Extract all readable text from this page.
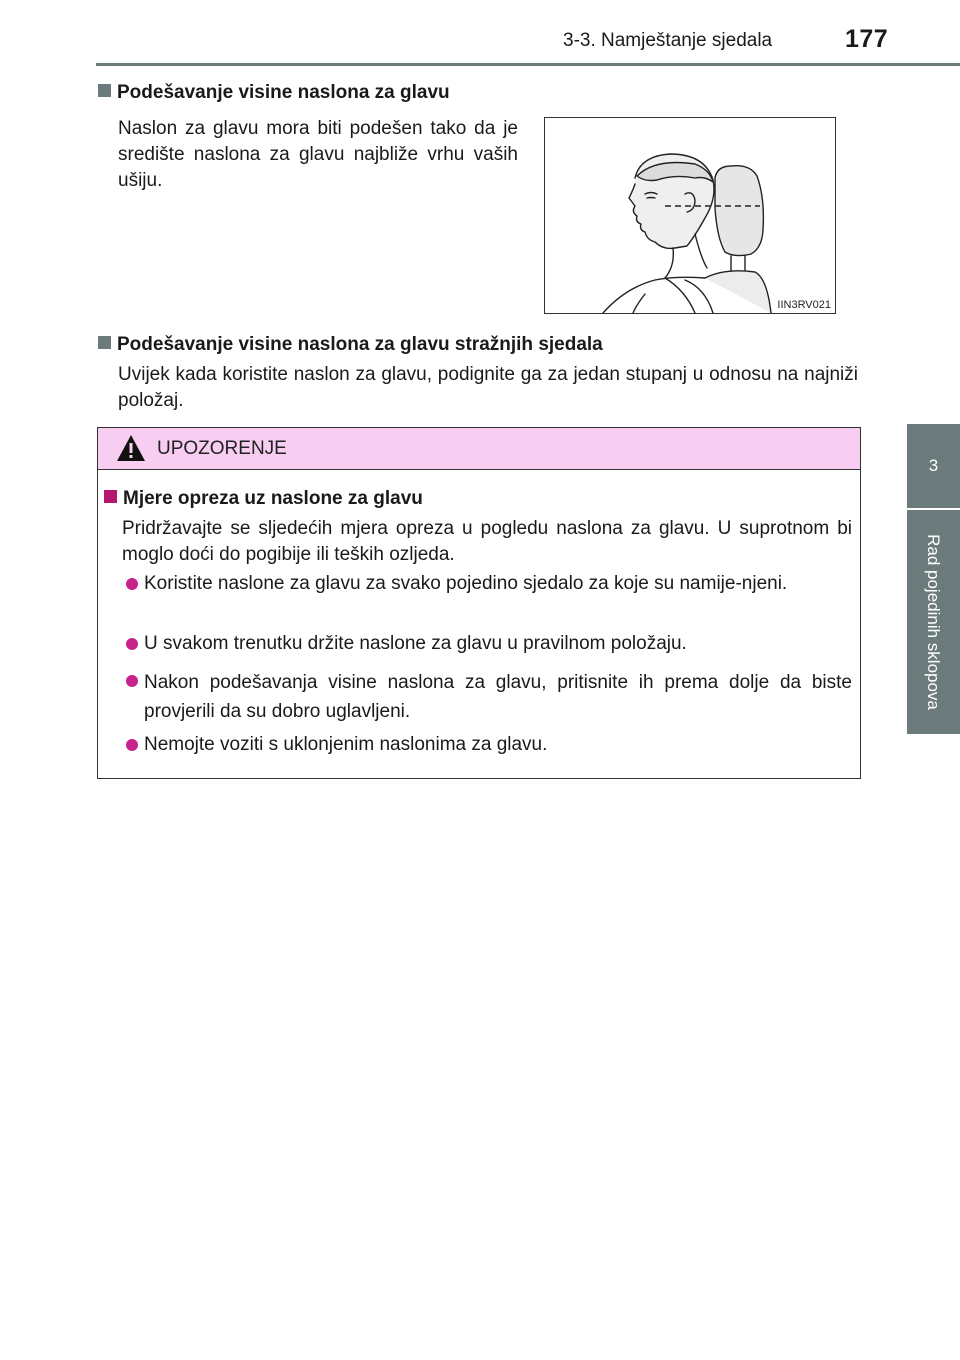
3-3. Namještanje sjedala	177
3
Rad pojedinih sklopova
Podešavanje visine naslona za glavu
Naslon za glavu mora biti podešen tako da je središte naslona za glavu najbliže vrhu vaših ušiju.
IIN3RV021
Podešavanje visine naslona za glavu stražnjih sjedala
Uvijek kada koristite naslon za glavu, podignite ga za jedan stupanj u odnosu na najniži položaj.
UPOZORENJE
Mjere opreza uz naslone za glavu
Pridržavajte se sljedećih mjera opreza u pogledu naslona za glavu. U suprotnom bi moglo doći do pogibije ili teških ozljeda.
Koristite naslone za glavu za svako pojedino sjedalo za koje su namije-njeni.
U svakom trenutku držite naslone za glavu u pravilnom položaju.
Nakon podešavanja visine naslona za glavu, pritisnite ih prema dolje da biste provjerili da su dobro uglavljeni.
Nemojte voziti s uklonjenim naslonima za glavu.
